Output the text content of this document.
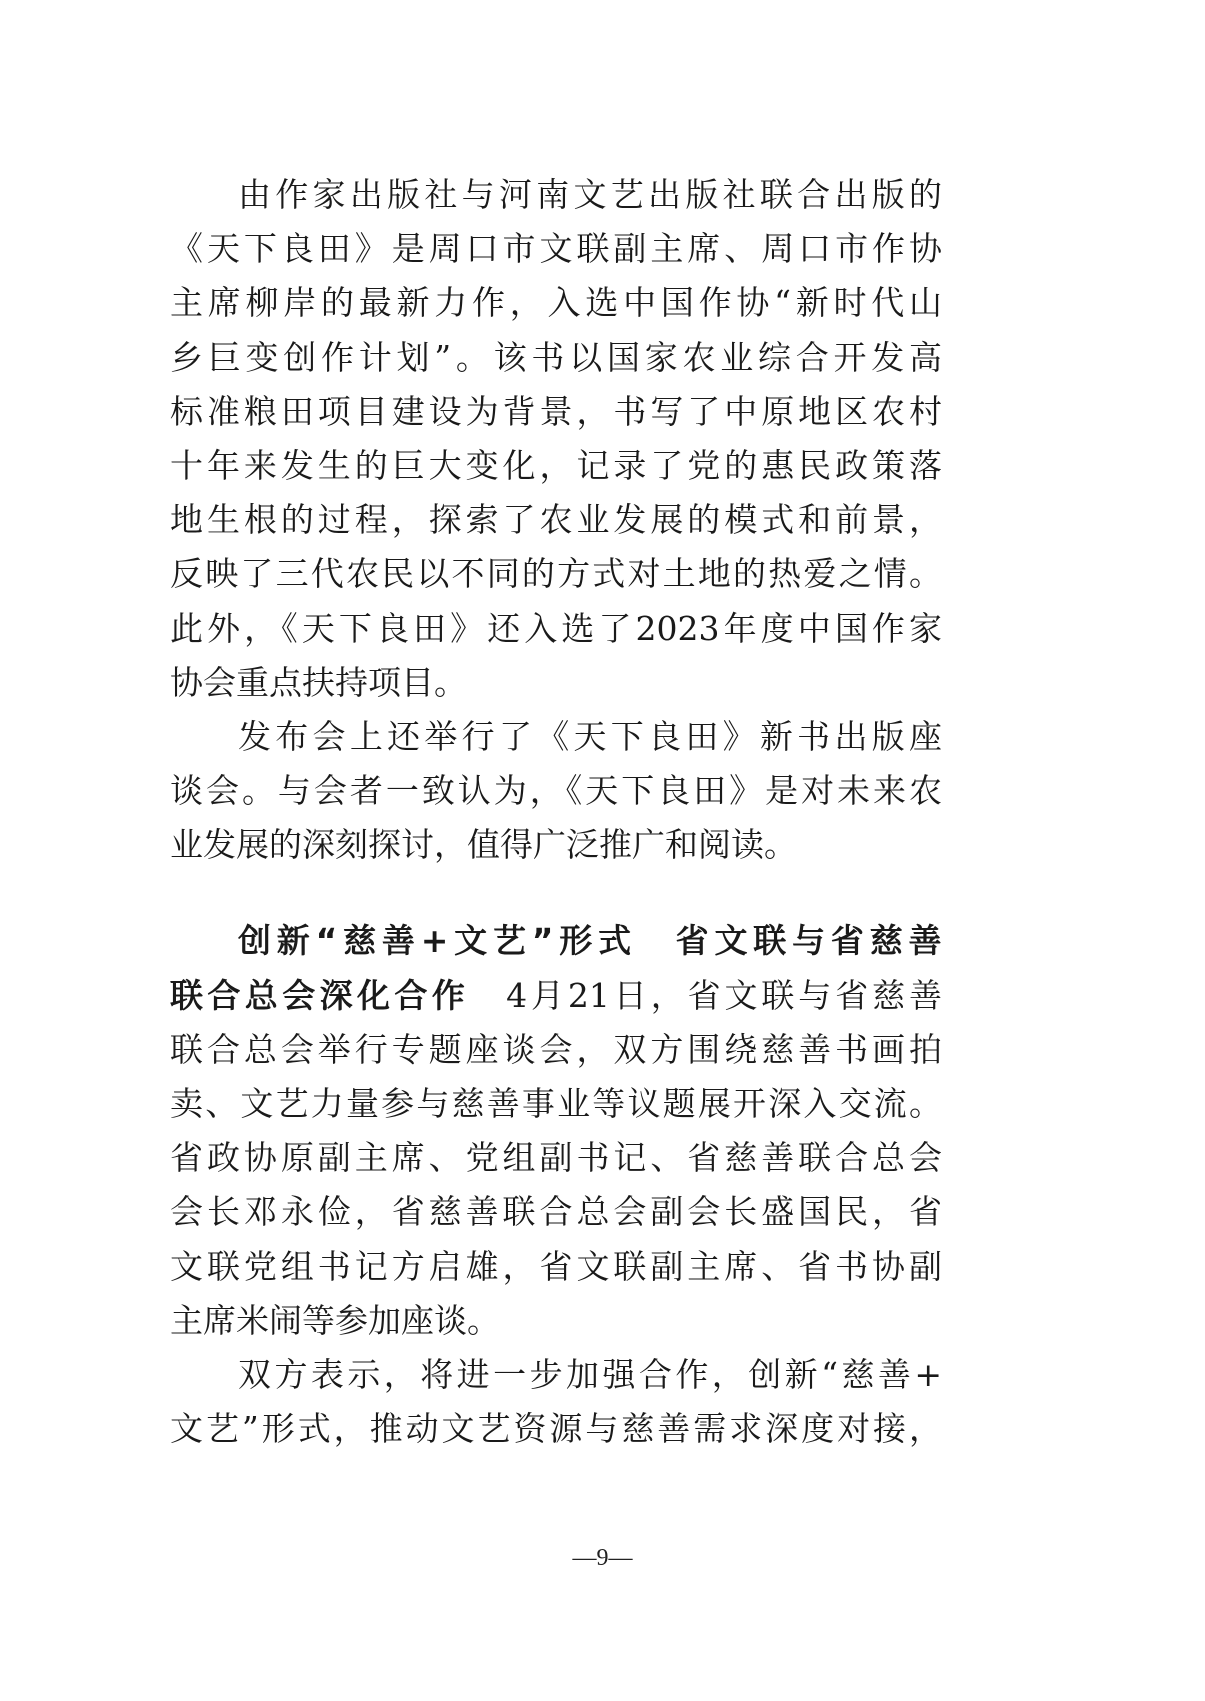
由作家出版社与河南文艺出版社联合出版的
《天下良田》是周口市文联副主席、周口市作协
主席柳岸的最新力作，入选中国作协“新时代山
乡巨变创作计划”。该书以国家农业综合开发高
标准粮田项目建设为背景，书写了中原地区农村
十年来发生的巨大变化，记录了党的惠民政策落
地生根的过程，探索了农业发展的模式和前景，
反映了三代农民以不同的方式对土地的热爱之情。
此外，《天下良田》还入选了2023年度中国作家
协会重点扶持项目。
发布会上还举行了《天下良田》新书出版座
谈会。与会者一致认为，《天下良田》是对未来农
业发展的深刻探讨，值得广泛推广和阅读。
创新“慈善+文艺”形式　省文联与省慈善
联合总会深化合作　 4月21日，省文联与省慈善
联合总会举行专题座谈会，双方围绕慈善书画拍
卖、文艺力量参与慈善事业等议题展开深入交流。
省政协原副主席、党组副书记、省慈善联合总会
会长邓永俭，省慈善联合总会副会长盛国民，省
文联党组书记方启雄，省文联副主席、省书协副
主席米闹等参加座谈。
双方表示，将进一步加强合作，创新“慈善+
文艺”形式，推动文艺资源与慈善需求深度对接，
—9—
